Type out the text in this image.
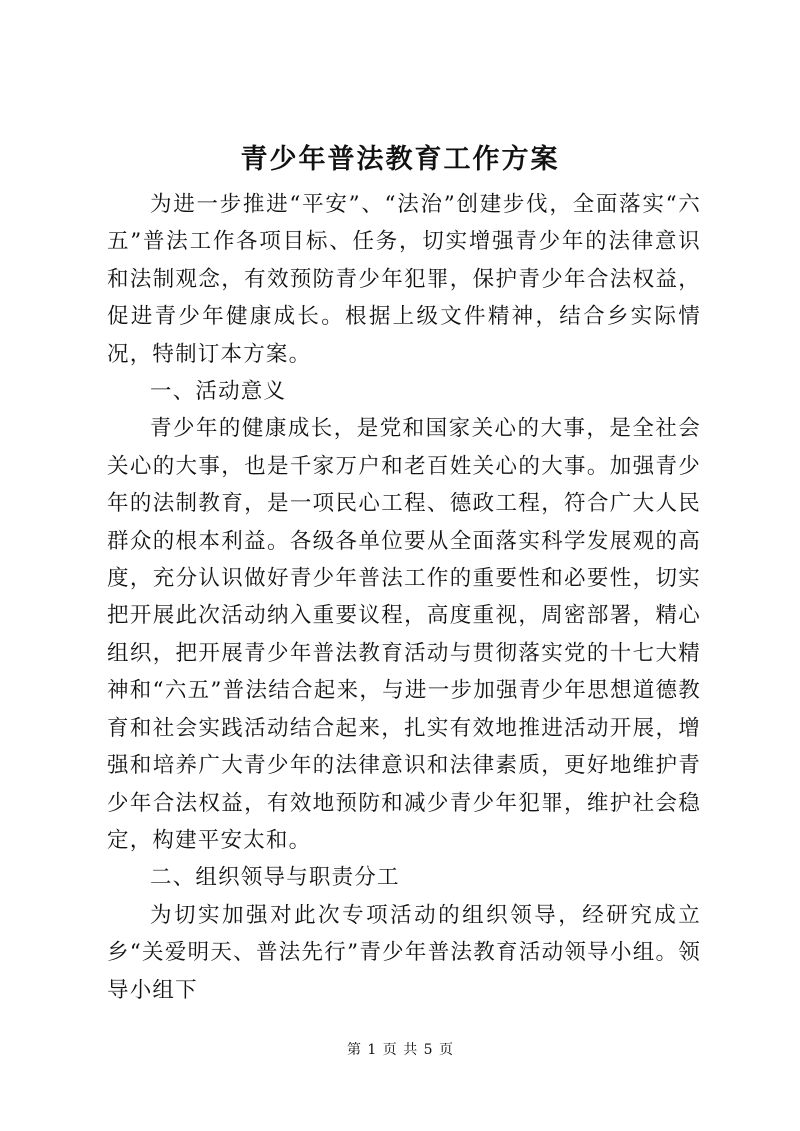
青少年普法教育工作方案

为进一步推进“平安”、“法治”创建步伐，全面落实“六五”普法工作各项目标、任务，切实增强青少年的法律意识和法制观念，有效预防青少年犯罪，保护青少年合法权益，促进青少年健康成长。根据上级文件精神，结合乡实际情况，特制订本方案。

一、活动意义

青少年的健康成长，是党和国家关心的大事，是全社会关心的大事，也是千家万户和老百姓关心的大事。加强青少年的法制教育，是一项民心工程、德政工程，符合广大人民群众的根本利益。各级各单位要从全面落实科学发展观的高度，充分认识做好青少年普法工作的重要性和必要性，切实把开展此次活动纳入重要议程，高度重视，周密部署，精心组织，把开展青少年普法教育活动与贯彻落实党的十七大精神和“六五”普法结合起来，与进一步加强青少年思想道德教育和社会实践活动结合起来，扎实有效地推进活动开展，增强和培养广大青少年的法律意识和法律素质，更好地维护青少年合法权益，有效地预防和减少青少年犯罪，维护社会稳定，构建平安太和。

二、组织领导与职责分工

为切实加强对此次专项活动的组织领导，经研究成立乡“关爱明天、普法先行”青少年普法教育活动领导小组。领导小组下

第 1 页 共 5 页
